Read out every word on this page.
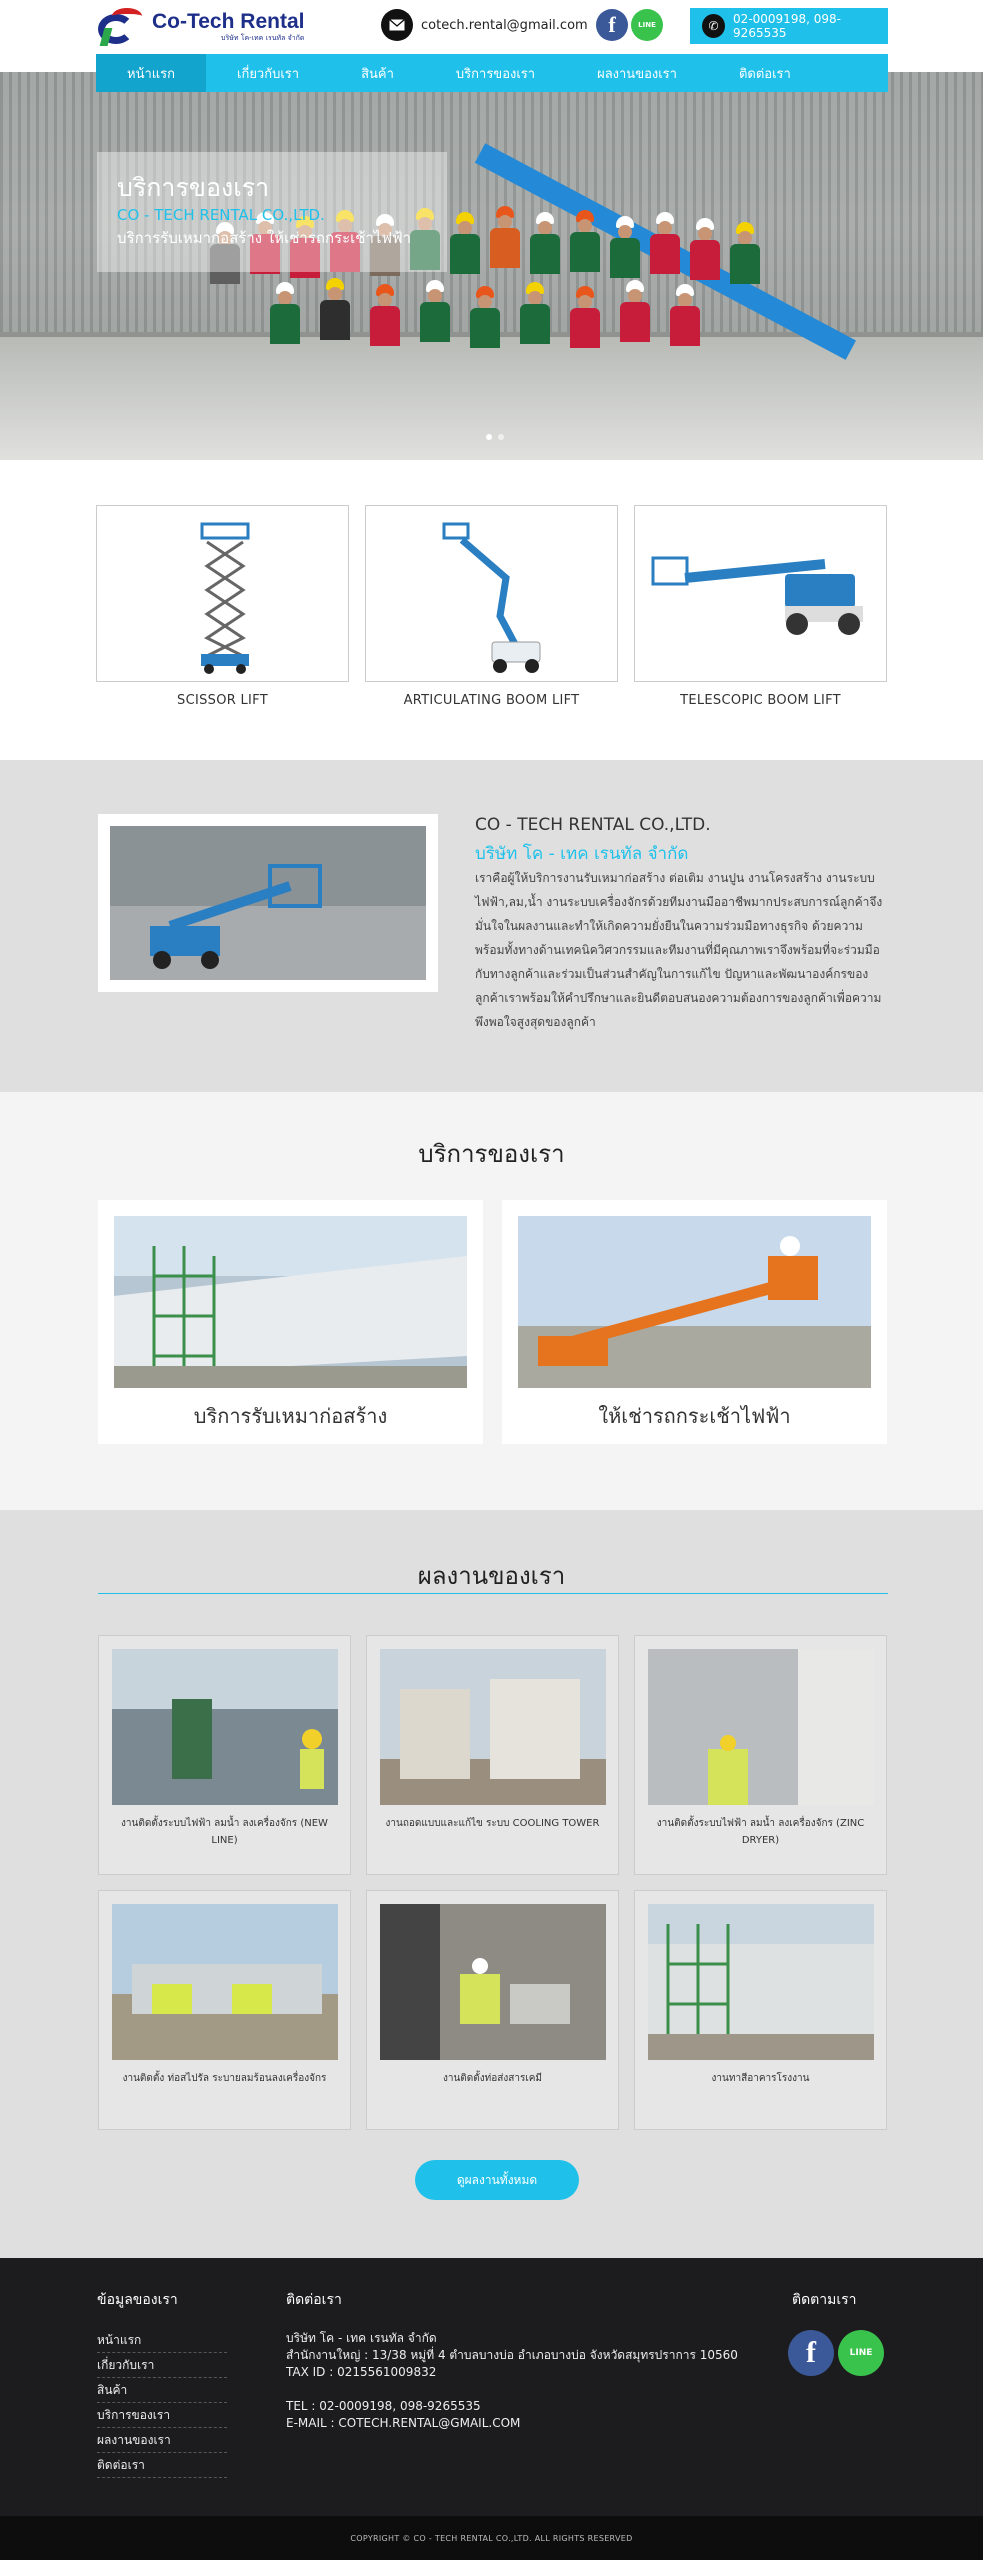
Co-Tech Rental
บริษัท โค-เทค เรนทัล จำกัด
cotech.rental@gmail.com f	LINE	✆	02-0009198, 098-9265535
หน้าแรก	เกี่ยวกับเรา	สินค้า	บริการของเรา	ผลงานของเรา	ติดต่อเรา
บริการของเรา
CO - TECH RENTAL CO.,LTD.
บริการรับเหมาก่อสร้าง ให้เช่ารถกระเช้าไฟฟ้า
SCISSOR LIFT	ARTICULATING BOOM LIFT	TELESCOPIC BOOM LIFT
CO - TECH RENTAL CO.,LTD.
บริษัท โค - เทค เรนทัล จำกัด
เราคือผู้ให้บริการงานรับเหมาก่อสร้าง ต่อเติม งานปูน งานโครงสร้าง งานระบบไฟฟ้า,ลม,น้ำ งานระบบเครื่องจักรด้วยทีมงานมืออาชีพมากประสบการณ์ลูกค้าจึง มั่นใจในผลงานและทำให้เกิดความยั่งยืนในความร่วมมือทางธุรกิจ ด้วยความพร้อมทั้งทางด้านเทคนิควิศวกรรมและทีมงานที่มีคุณภาพเราจึงพร้อมที่จะร่วมมือกับทางลูกค้าและร่วมเป็นส่วนสำคัญในการแก้ไข ปัญหาและพัฒนาองค์กรของลูกค้าเราพร้อมให้คำปรึกษาและยินดีตอบสนองความต้องการของลูกค้าเพื่อความพึงพอใจสูงสุดของลูกค้า
บริการของเรา
บริการรับเหมาก่อสร้าง	ให้เช่ารถกระเช้าไฟฟ้า
ผลงานของเรา
งานติดตั้งระบบไฟฟ้า ลมน้ำ ลงเครื่องจักร (NEW LINE)
งานถอดแบบและแก้ไข ระบบ COOLING TOWER	งานติดตั้งระบบไฟฟ้า ลมน้ำ ลงเครื่องจักร (ZINC DRYER)
งานติดตั้ง ท่อสไปรัล ระบายลมร้อนลงเครื่องจักร	งานติดตั้งท่อส่งสารเคมี	งานทาสีอาคารโรงงาน
ดูผลงานทั้งหมด
ข้อมูลของเรา
หน้าแรก
เกี่ยวกับเรา
สินค้า
บริการของเรา
ผลงานของเรา
ติดต่อเรา
ติดต่อเรา
บริษัท โค - เทค เรนทัล จำกัด
สำนักงานใหญ่ : 13/38 หมู่ที่ 4 ตำบลบางบ่อ อำเภอบางบ่อ จังหวัดสมุทรปราการ 10560
TAX ID : 0215561009832
TEL : 02-0009198, 098-9265535
E-MAIL : COTECH.RENTAL@GMAIL.COM
ติดตามเรา
f	LINE
COPYRIGHT © CO - TECH RENTAL CO.,LTD. ALL RIGHTS RESERVED
